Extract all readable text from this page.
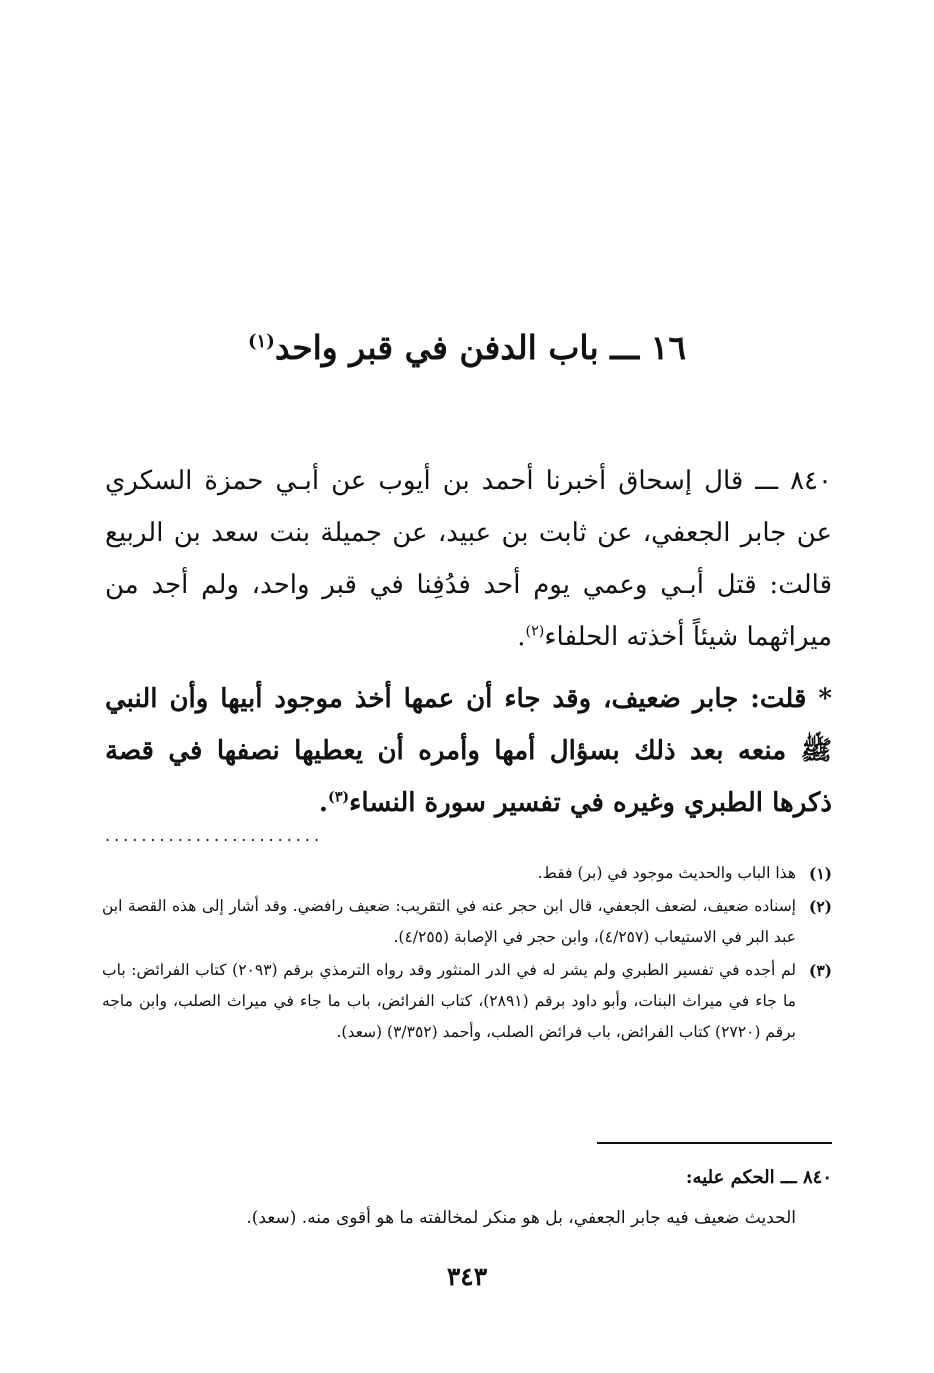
١٦ ـــ باب الدفن في قبر واحد$^{(١)}$

٨٤٠ ـــ قال إسحاق أخبرنا أحمد بن أيوب عن أبـي حمزة السكري عن جابر الجعفي، عن ثابت بن عبيد، عن جميلة بنت سعد بن الربيع قالت: قتل أبـي وعمي يوم أحد فدُفِنا في قبر واحد، ولم أجد من ميراثهما شيئاً أخذته الحلفاء$^{(٢)}$.

* قلت: جابر ضعيف، وقد جاء أن عمها أخذ موجود أبيها وأن النبي ﷺ منعه بعد ذلك بسؤال أمها وأمره أن يعطيها نصفها في قصة ذكرها الطبري وغيره في تفسير سورة النساء$^{(٣)}$.

........................
(١)
هذا الباب والحديث موجود في (بر) فقط.
(٢)
إسناده ضعيف، لضعف الجعفي، قال ابن حجر عنه في التقريب: ضعيف رافضي. وقد أشار إلى هذه القصة ابن عبد البر في الاستيعاب (٤/٢٥٧)، وابن حجر في الإصابة (٤/٢٥٥).
(٣)
لم أجده في تفسير الطبري ولم يشر له في الدر المنثور وقد رواه الترمذي برقم (٢٠٩٣) كتاب الفرائض: باب ما جاء في ميراث البنات، وأبو داود برقم (٢٨٩١)، كتاب الفرائض، باب ما جاء في ميراث الصلب، وابن ماجه برقم (٢٧٢٠) كتاب الفرائض، باب فرائض الصلب، وأحمد (٣/٣٥٢) (سعد).
٨٤٠ ـــ الحكم عليه:
الحديث ضعيف فيه جابر الجعفي، بل هو منكر لمخالفته ما هو أقوى منه. (سعد).
٣٤٣
